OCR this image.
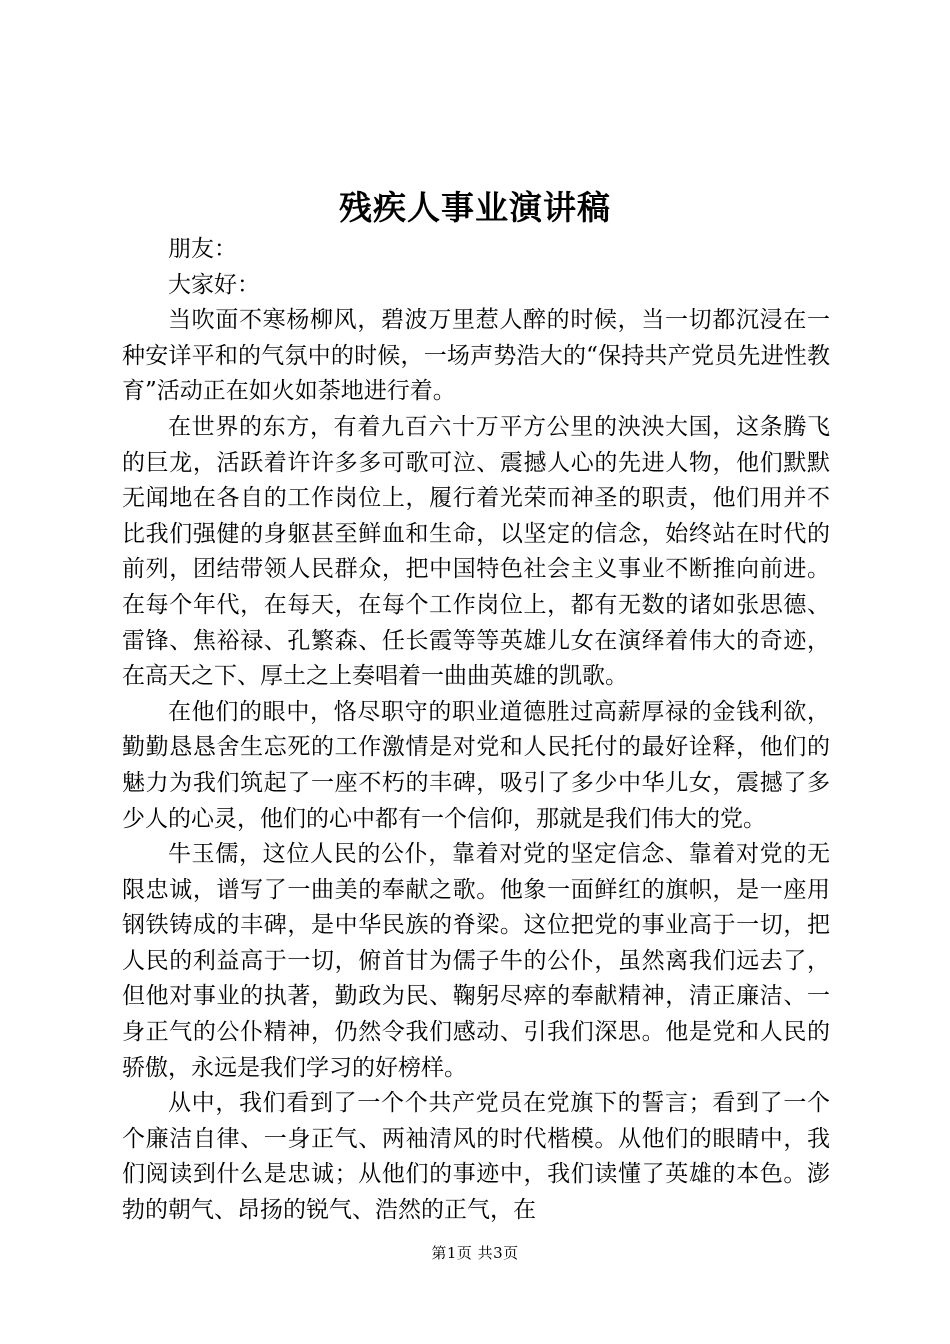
残疾人事业演讲稿

朋友：

大家好：

当吹面不寒杨柳风，碧波万里惹人醉的时候，当一切都沉浸在一种安详平和的气氛中的时候，一场声势浩大的“保持共产党员先进性教育”活动正在如火如荼地进行着。

在世界的东方，有着九百六十万平方公里的泱泱大国，这条腾飞的巨龙，活跃着许许多多可歌可泣、震撼人心的先进人物，他们默默无闻地在各自的工作岗位上，履行着光荣而神圣的职责，他们用并不比我们强健的身躯甚至鲜血和生命，以坚定的信念，始终站在时代的前列，团结带领人民群众，把中国特色社会主义事业不断推向前进。在每个年代，在每天，在每个工作岗位上，都有无数的诸如张思德、雷锋、焦裕禄、孔繁森、任长霞等等英雄儿女在演绎着伟大的奇迹，在高天之下、厚土之上奏唱着一曲曲英雄的凯歌。

在他们的眼中，恪尽职守的职业道德胜过高薪厚禄的金钱利欲，勤勤恳恳舍生忘死的工作激情是对党和人民托付的最好诠释，他们的魅力为我们筑起了一座不朽的丰碑，吸引了多少中华儿女，震撼了多少人的心灵，他们的心中都有一个信仰，那就是我们伟大的党。

牛玉儒，这位人民的公仆，靠着对党的坚定信念、靠着对党的无限忠诚，谱写了一曲美的奉献之歌。他象一面鲜红的旗帜，是一座用钢铁铸成的丰碑，是中华民族的脊梁。这位把党的事业高于一切，把人民的利益高于一切，俯首甘为儒子牛的公仆，虽然离我们远去了，但他对事业的执著，勤政为民、鞠躬尽瘁的奉献精神，清正廉洁、一身正气的公仆精神，仍然令我们感动、引我们深思。他是党和人民的骄傲，永远是我们学习的好榜样。

从中，我们看到了一个个共产党员在党旗下的誓言；看到了一个个廉洁自律、一身正气、两袖清风的时代楷模。从他们的眼睛中，我们阅读到什么是忠诚；从他们的事迹中，我们读懂了英雄的本色。澎勃的朝气、昂扬的锐气、浩然的正气，在

第1页 共3页
